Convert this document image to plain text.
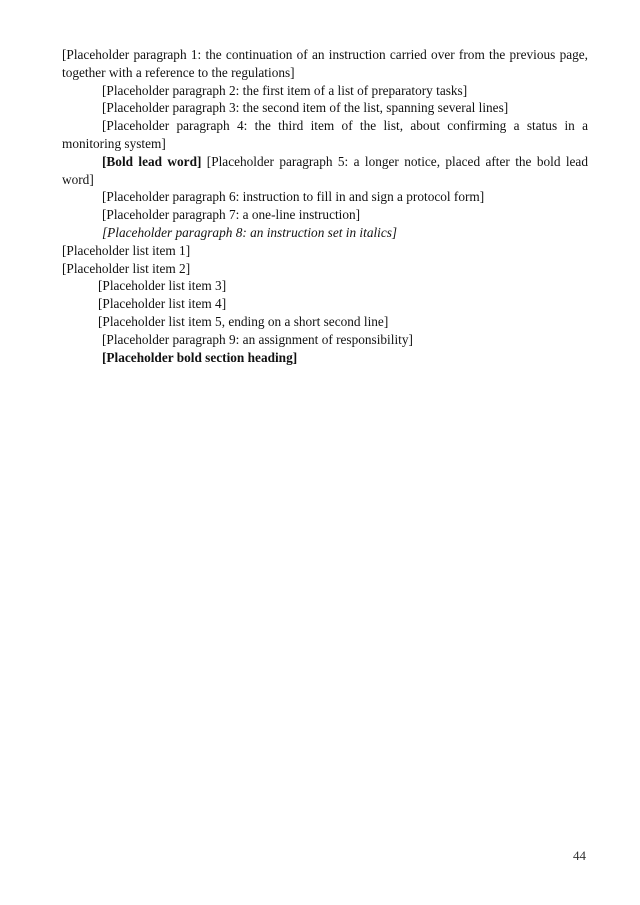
[Placeholder paragraph 1: the continuation of an instruction carried over from the previous page, together with a reference to the regulations]

[Placeholder paragraph 2: the first item of a list of preparatory tasks]

[Placeholder paragraph 3: the second item of the list, spanning several lines]

[Placeholder paragraph 4: the third item of the list, about confirming a status in a monitoring system]

[Bold lead word] [Placeholder paragraph 5: a longer notice, placed after the bold lead word]

[Placeholder paragraph 6: instruction to fill in and sign a protocol form]

[Placeholder paragraph 7: a one-line instruction]

[Placeholder paragraph 8: an instruction set in italics]

[Placeholder list item 1]

[Placeholder list item 2]

[Placeholder list item 3]

[Placeholder list item 4]

[Placeholder list item 5, ending on a short second line]

[Placeholder paragraph 9: an assignment of responsibility]

[Placeholder bold section heading]

44
